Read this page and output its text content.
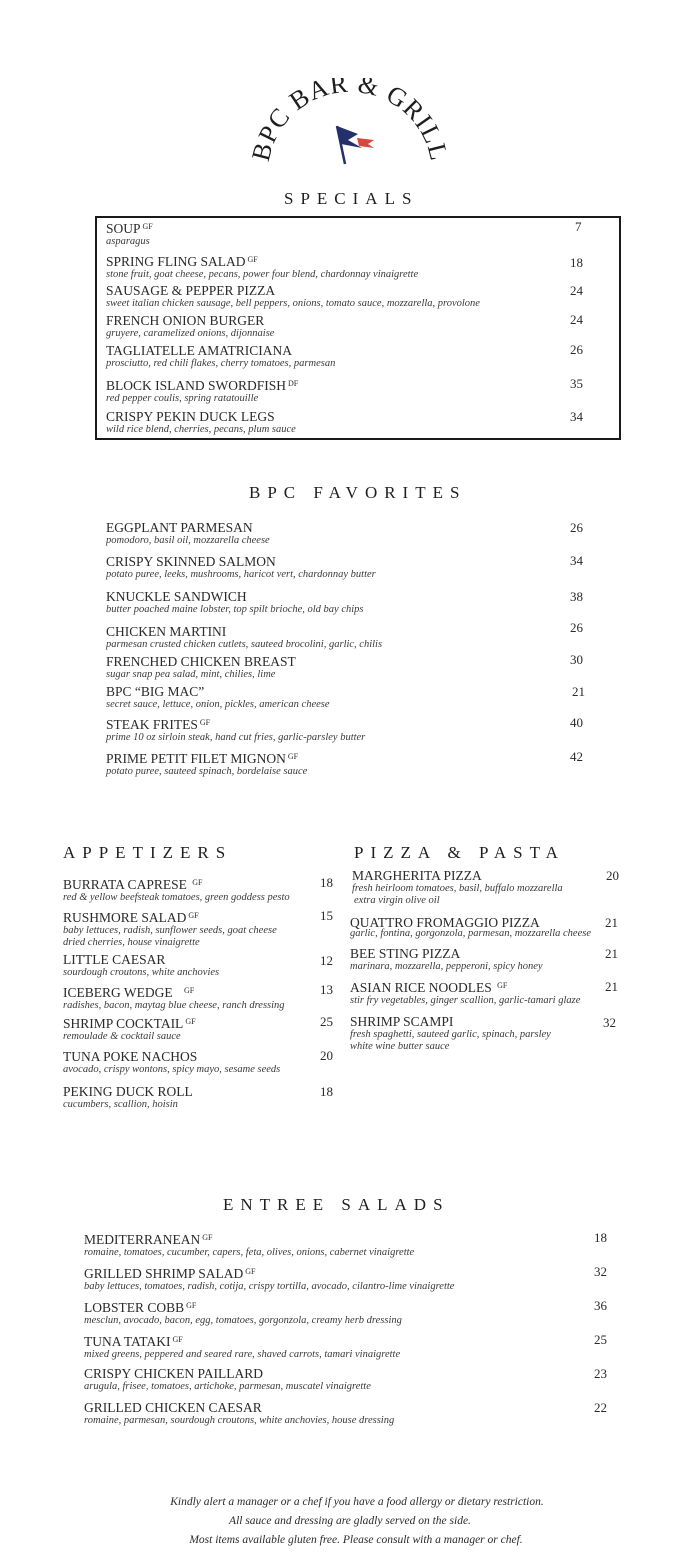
BPC BAR & GRILL
SPECIALS
SOUP $^{GF}$
asparagus
7
SPRING FLING SALAD $^{GF}$
stone fruit, goat cheese, pecans, power four blend, chardonnay vinaigrette
18
SAUSAGE & PEPPER PIZZA
sweet italian chicken sausage, bell peppers, onions, tomato sauce, mozzarella, provolone
24
FRENCH ONION BURGER
gruyere, caramelized onions, dijonnaise
24
TAGLIATELLE AMATRICIANA
prosciutto, red chili flakes, cherry tomatoes, parmesan
26
BLOCK ISLAND SWORDFISH $^{DF}$
red pepper coulis, spring ratatouille
35
CRISPY PEKIN DUCK LEGS
wild rice blend, cherries, pecans, plum sauce
34
BPC FAVORITES
EGGPLANT PARMESAN
pomodoro, basil oil, mozzarella cheese
26
CRISPY SKINNED SALMON
potato puree, leeks, mushrooms, haricot vert, chardonnay butter
34
KNUCKLE SANDWICH
butter poached maine lobster, top spilt brioche, old bay chips
38
CHICKEN MARTINI
parmesan crusted chicken cutlets, sauteed brocolini, garlic, chilis
26
FRENCHED CHICKEN BREAST
sugar snap pea salad, mint, chilies, lime
30
BPC “BIG MAC”
secret sauce, lettuce, onion, pickles, american cheese
21
STEAK FRITES $^{GF}$
prime 10 oz sirloin steak, hand cut fries, garlic-parsley butter
40
PRIME PETIT FILET MIGNON $^{GF}$
potato puree, sauteed spinach, bordelaise sauce
42
APPETIZERS
BURRATA CAPRESE $^{GF}$
red & yellow beefsteak tomatoes, green goddess pesto
18
RUSHMORE SALAD $^{GF}$
baby lettuces, radish, sunflower seeds, goat cheese
dried cherries, house vinaigrette
15
LITTLE CAESAR
sourdough croutons, white anchovies
12
ICEBERG WEDGE $^{GF}$
radishes, bacon, maytag blue cheese, ranch dressing
13
SHRIMP COCKTAIL $^{GF}$
remoulade & cocktail sauce
25
TUNA POKE NACHOS
avocado, crispy wontons, spicy mayo, sesame seeds
20
PEKING DUCK ROLL
cucumbers, scallion, hoisin
18
PIZZA & PASTA
MARGHERITA PIZZA
fresh heirloom tomatoes, basil, buffalo mozzarella
extra virgin olive oil
20
QUATTRO FROMAGGIO PIZZA
garlic, fontina, gorgonzola, parmesan, mozzarella cheese
21
BEE STING PIZZA
marinara, mozzarella, pepperoni, spicy honey
21
ASIAN RICE NOODLES $^{GF}$
stir fry vegetables, ginger scallion, garlic-tamari glaze
21
SHRIMP SCAMPI
fresh spaghetti, sauteed garlic, spinach, parsley
white wine butter sauce
32
ENTREE SALADS
MEDITERRANEAN $^{GF}$
romaine, tomatoes, cucumber, capers, feta, olives, onions, cabernet vinaigrette
18
GRILLED SHRIMP SALAD $^{GF}$
baby lettuces, tomatoes, radish, cotija, crispy tortilla, avocado, cilantro-lime vinaigrette
32
LOBSTER COBB $^{GF}$
mesclun, avocado, bacon, egg, tomatoes, gorgonzola, creamy herb dressing
36
TUNA TATAKI $^{GF}$
mixed greens, peppered and seared rare, shaved carrots, tamari vinaigrette
25
CRISPY CHICKEN PAILLARD
arugula, frisee, tomatoes, artichoke, parmesan, muscatel vinaigrette
23
GRILLED CHICKEN CAESAR
romaine, parmesan, sourdough croutons, white anchovies, house dressing
22
Kindly alert a manager or a chef if you have a food allergy or dietary restriction.
All sauce and dressing are gladly served on the side.
Most items available gluten free. Please consult with a manager or chef.
